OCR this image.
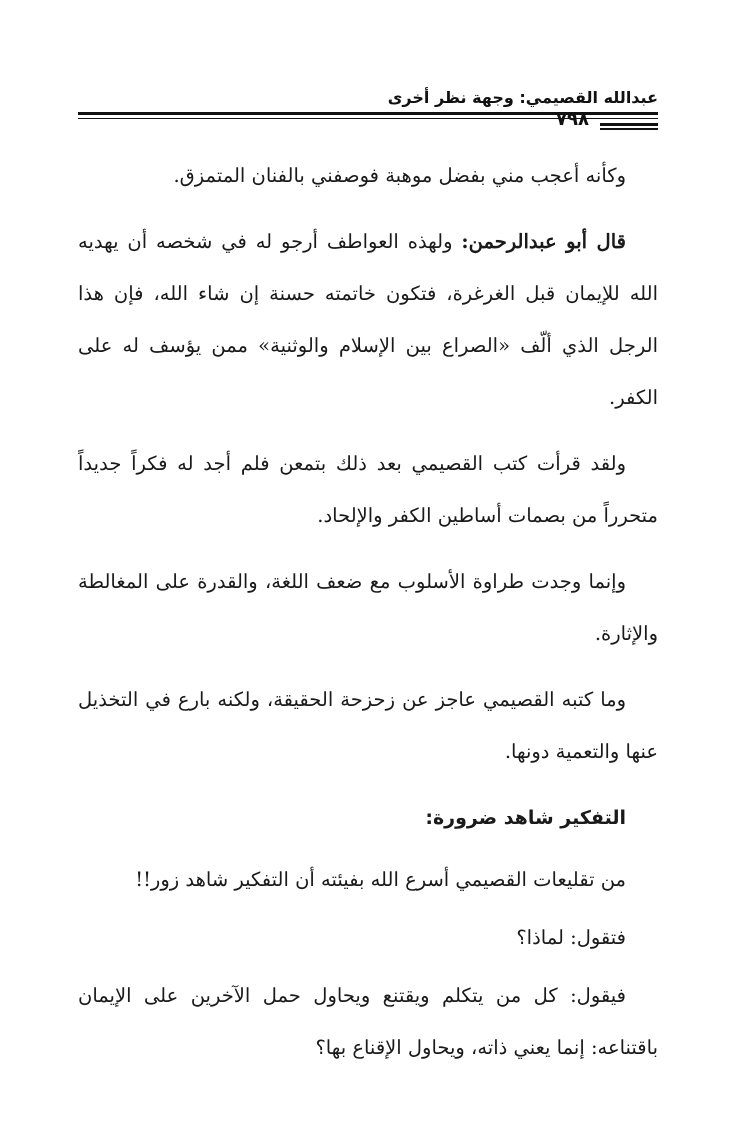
عبدالله القصيمي: وجهة نظر أخرى
٧٩٨

وكأنه أعجب مني بفضل موهبة فوصفني بالفنان المتمزق.

قال أبو عبدالرحمن: ولهذه العواطف أرجو له في شخصه أن يهديه الله للإيمان قبل الغرغرة، فتكون خاتمته حسنة إن شاء الله، فإن هذا الرجل الذي ألّف «الصراع بين الإسلام والوثنية» ممن يؤسف له على الكفر.

ولقد قرأت كتب القصيمي بعد ذلك بتمعن فلم أجد له فكراً جديداً متحرراً من بصمات أساطين الكفر والإلحاد.

وإنما وجدت طراوة الأسلوب مع ضعف اللغة، والقدرة على المغالطة والإثارة.

وما كتبه القصيمي عاجز عن زحزحة الحقيقة، ولكنه بارع في التخذيل عنها والتعمية دونها.

التفكير شاهد ضرورة:

من تقليعات القصيمي أسرع الله بفيئته أن التفكير شاهد زور!!

فتقول: لماذا؟

فيقول: كل من يتكلم ويقتنع ويحاول حمل الآخرين على الإيمان باقتناعه: إنما يعني ذاته، ويحاول الإقناع بها؟
